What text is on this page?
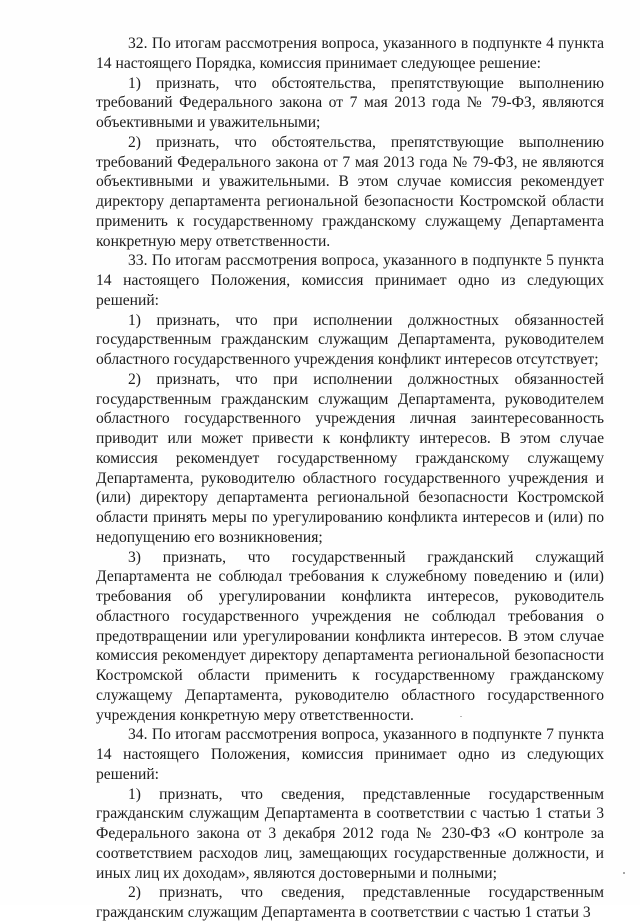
32. По итогам рассмотрения вопроса, указанного в подпункте 4 пункта 14 настоящего Порядка, комиссия принимает следующее решение:

1) признать, что обстоятельства, препятствующие выполнению требований Федерального закона от 7 мая 2013 года № 79-ФЗ, являются объективными и уважительными;

2) признать, что обстоятельства, препятствующие выполнению требований Федерального закона от 7 мая 2013 года № 79-ФЗ, не являются объективными и уважительными. В этом случае комиссия рекомендует директору департамента региональной безопасности Костромской области применить к государственному гражданскому служащему Департамента конкретную меру ответственности.

33. По итогам рассмотрения вопроса, указанного в подпункте 5 пункта 14 настоящего Положения, комиссия принимает одно из следующих решений:

1) признать, что при исполнении должностных обязанностей государственным гражданским служащим Департамента, руководителем областного государственного учреждения конфликт интересов отсутствует;

2) признать, что при исполнении должностных обязанностей государственным гражданским служащим Департамента, руководителем областного государственного учреждения личная заинтересованность приводит или может привести к конфликту интересов. В этом случае комиссия рекомендует государственному гражданскому служащему Департамента, руководителю областного государственного учреждения и (или) директору департамента региональной безопасности Костромской области принять меры по урегулированию конфликта интересов и (или) по недопущению его возникновения;

3) признать, что государственный гражданский служащий Департамента не соблюдал требования к служебному поведению и (или) требования об урегулировании конфликта интересов, руководитель областного государственного учреждения не соблюдал требования о предотвращении или урегулировании конфликта интересов. В этом случае комиссия рекомендует директору департамента региональной безопасности Костромской области применить к государственному гражданскому служащему Департамента, руководителю областного государственного учреждения конкретную меру ответственности.

34. По итогам рассмотрения вопроса, указанного в подпункте 7 пункта 14 настоящего Положения, комиссия принимает одно из следующих решений:

1) признать, что сведения, представленные государственным гражданским служащим Департамента в соответствии с частью 1 статьи 3 Федерального закона от 3 декабря 2012 года № 230-ФЗ «О контроле за соответствием расходов лиц, замещающих государственные должности, и иных лиц их доходам», являются достоверными и полными;

2) признать, что сведения, представленные государственным гражданским служащим Департамента в соответствии с частью 1 статьи 3
